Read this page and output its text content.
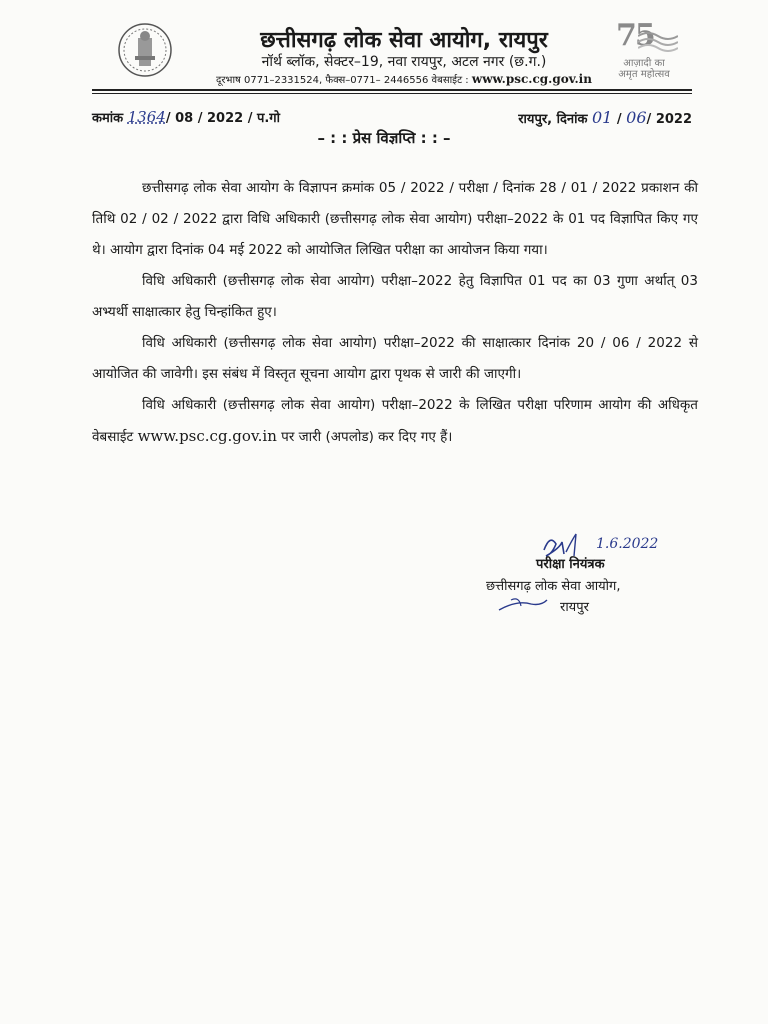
छत्तीसगढ़ लोक सेवा आयोग, रायपुर
नॉर्थ ब्लॉक, सेक्टर–19, नवा रायपुर, अटल नगर (छ.ग.)
दूरभाष 0771–2331524, फैक्स–0771– 2446556 वेबसाईट : www.psc.cg.gov.in
75
आज़ादी का
अमृत महोत्सव
कमांक 1364/ 08 / 2022 / प.गो	रायपुर, दिनांक 01 / 06/ 2022
– : : प्रेस विज्ञप्ति : : –

छत्तीसगढ़ लोक सेवा आयोग के विज्ञापन क्रमांक 05 / 2022 / परीक्षा / दिनांक 28 / 01 / 2022 प्रकाशन की तिथि 02 / 02 / 2022 द्वारा विधि अधिकारी (छत्तीसगढ़ लोक सेवा आयोग) परीक्षा–2022 के 01 पद विज्ञापित किए गए थे। आयोग द्वारा दिनांक 04 मई 2022 को आयोजित लिखित परीक्षा का आयोजन किया गया।

विधि अधिकारी (छत्तीसगढ़ लोक सेवा आयोग) परीक्षा–2022 हेतु विज्ञापित 01 पद का 03 गुणा अर्थात् 03 अभ्यर्थी साक्षात्कार हेतु चिन्हांकित हुए।

विधि अधिकारी (छत्तीसगढ़ लोक सेवा आयोग) परीक्षा–2022 की साक्षात्कार दिनांक 20 / 06 / 2022 से आयोजित की जावेगी। इस संबंध में विस्तृत सूचना आयोग द्वारा पृथक से जारी की जाएगी।

विधि अधिकारी (छत्तीसगढ़ लोक सेवा आयोग) परीक्षा–2022 के लिखित परीक्षा परिणाम आयोग की अधिकृत वेबसाईट www.psc.cg.gov.in पर जारी (अपलोड) कर दिए गए हैं।

1.6.2022
परीक्षा नियंत्रक
छत्तीसगढ़ लोक सेवा आयोग,
रायपुर
